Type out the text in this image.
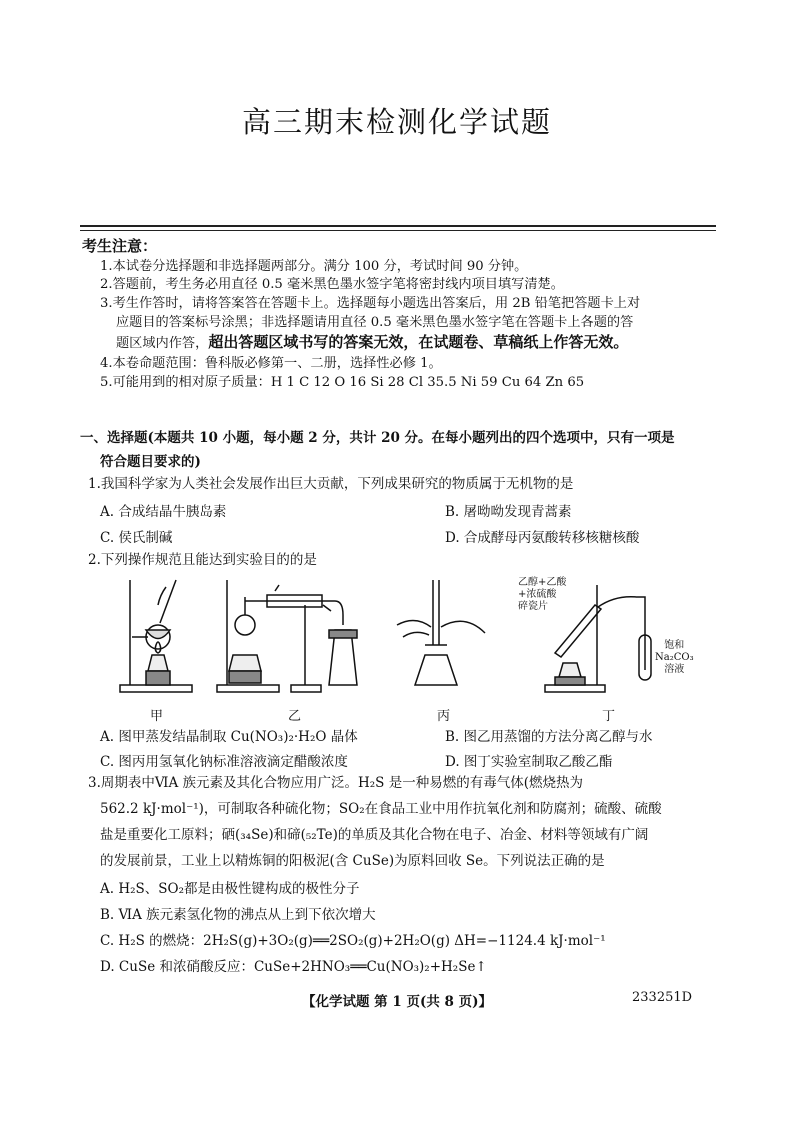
高三期末检测化学试题
考生注意：
1.本试卷分选择题和非选择题两部分。满分 100 分，考试时间 90 分钟。
2.答题前，考生务必用直径 0.5 毫米黑色墨水签字笔将密封线内项目填写清楚。
3.考生作答时，请将答案答在答题卡上。选择题每小题选出答案后，用 2B 铅笔把答题卡上对
应题目的答案标号涂黑；非选择题请用直径 0.5 毫米黑色墨水签字笔在答题卡上各题的答
题区域内作答，超出答题区域书写的答案无效，在试题卷、草稿纸上作答无效。
4.本卷命题范围：鲁科版必修第一、二册，选择性必修 1。
5.可能用到的相对原子质量：H 1 C 12 O 16 Si 28 Cl 35.5 Ni 59 Cu 64 Zn 65
一、选择题(本题共 10 小题，每小题 2 分，共计 20 分。在每小题列出的四个选项中，只有一项是
符合题目要求的)
1.我国科学家为人类社会发展作出巨大贡献，下列成果研究的物质属于无机物的是
A. 合成结晶牛胰岛素	B. 屠呦呦发现青蒿素
C. 侯氏制碱	D. 合成酵母丙氨酸转移核糖核酸
2.下列操作规范且能达到实验目的的是
甲	乙	丙	丁
乙醇+乙酸
+浓硫酸
碎瓷片
饱和
Na₂CO₃
溶液
A. 图甲蒸发结晶制取 Cu(NO₃)₂·H₂O 晶体	B. 图乙用蒸馏的方法分离乙醇与水
C. 图丙用氢氧化钠标准溶液滴定醋酸浓度	D. 图丁实验室制取乙酸乙酯
3.周期表中ⅥA 族元素及其化合物应用广泛。H₂S 是一种易燃的有毒气体(燃烧热为
562.2 kJ·mol⁻¹)，可制取各种硫化物；SO₂在食品工业中用作抗氧化剂和防腐剂；硫酸、硫酸
盐是重要化工原料；硒(₃₄Se)和碲(₅₂Te)的单质及其化合物在电子、冶金、材料等领域有广阔
的发展前景，工业上以精炼铜的阳极泥(含 CuSe)为原料回收 Se。下列说法正确的是
A. H₂S、SO₂都是由极性键构成的极性分子
B. ⅥA 族元素氢化物的沸点从上到下依次增大
C. H₂S 的燃烧：2H₂S(g)+3O₂(g)══2SO₂(g)+2H₂O(g) ΔH=−1124.4 kJ·mol⁻¹
D. CuSe 和浓硝酸反应：CuSe+2HNO₃══Cu(NO₃)₂+H₂Se↑
【化学试题 第 1 页(共 8 页)】	233251D
